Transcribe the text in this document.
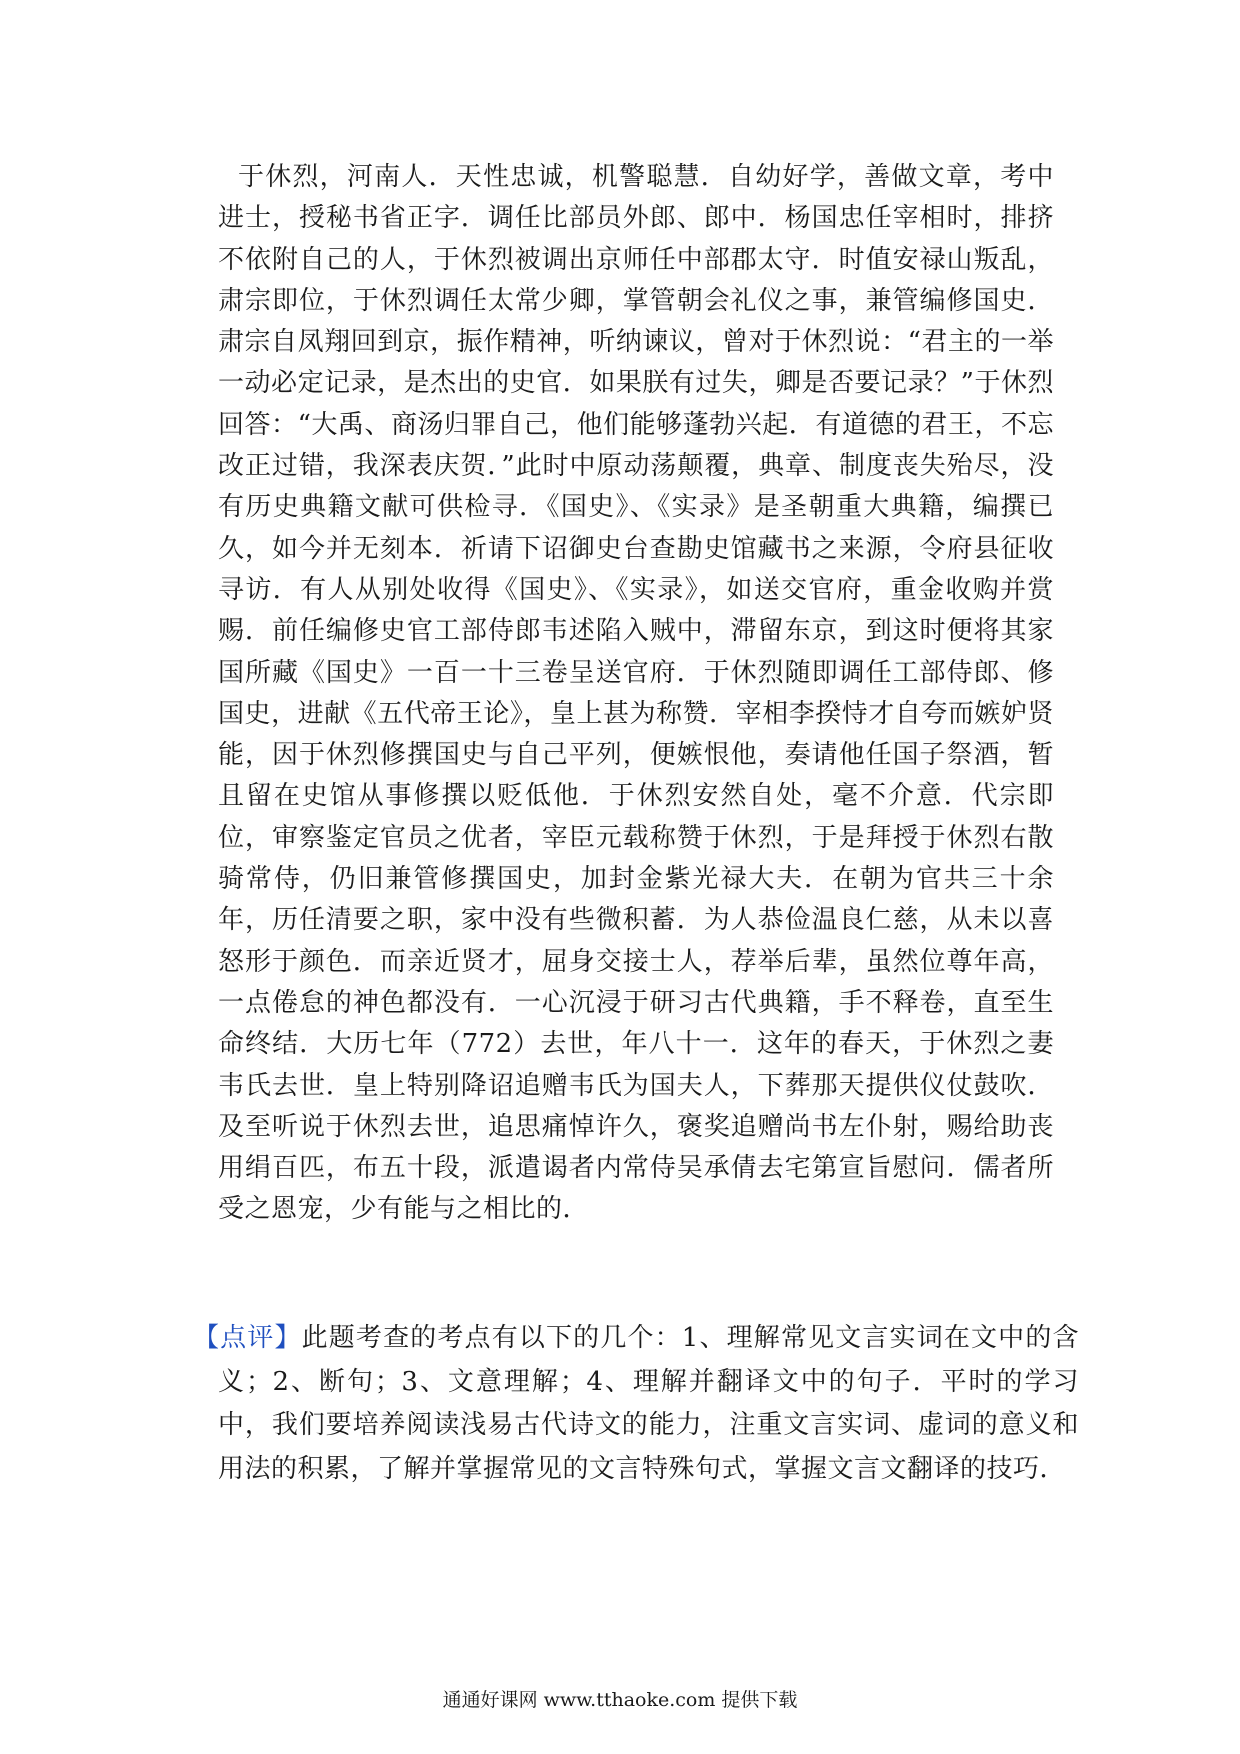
于休烈，河南人．天性忠诚，机警聪慧．自幼好学，善做文章，考中进士，授秘书省正字．调任比部员外郎、郎中．杨国忠任宰相时，排挤不依附自己的人，于休烈被调出京师任中部郡太守．时值安禄山叛乱，肃宗即位，于休烈调任太常少卿，掌管朝会礼仪之事，兼管编修国史．肃宗自凤翔回到京，振作精神，听纳谏议，曾对于休烈说：“君主的一举一动必定记录，是杰出的史官．如果朕有过失，卿是否要记录？”于休烈回答：“大禹、商汤归罪自己，他们能够蓬勃兴起．有道德的君王，不忘改正过错，我深表庆贺．”此时中原动荡颠覆，典章、制度丧失殆尽，没有历史典籍文献可供检寻．《国史》、《实录》是圣朝重大典籍，编撰已久，如今并无刻本．祈请下诏御史台查勘史馆藏书之来源，令府县征收寻访．有人从别处收得《国史》、《实录》，如送交官府，重金收购并赏赐．前任编修史官工部侍郎韦述陷入贼中，滞留东京，到这时便将其家国所藏《国史》一百一十三卷呈送官府．于休烈随即调任工部侍郎、修国史，进献《五代帝王论》，皇上甚为称赞．宰相李揆恃才自夸而嫉妒贤能，因于休烈修撰国史与自己平列，便嫉恨他，奏请他任国子祭酒，暂且留在史馆从事修撰以贬低他．于休烈安然自处，毫不介意．代宗即位，审察鉴定官员之优者，宰臣元载称赞于休烈，于是拜授于休烈右散骑常侍，仍旧兼管修撰国史，加封金紫光禄大夫．在朝为官共三十余年，历任清要之职，家中没有些微积蓄．为人恭俭温良仁慈，从未以喜怒形于颜色．而亲近贤才，屈身交接士人，荐举后辈，虽然位尊年高，一点倦怠的神色都没有．一心沉浸于研习古代典籍，手不释卷，直至生命终结．大历七年（772）去世，年八十一．这年的春天，于休烈之妻韦氏去世．皇上特别降诏追赠韦氏为国夫人，下葬那天提供仪仗鼓吹．及至听说于休烈去世，追思痛悼许久，褒奖追赠尚书左仆射，赐给助丧用绢百匹，布五十段，派遣谒者内常侍吴承倩去宅第宣旨慰问．儒者所受之恩宠，少有能与之相比的．

【点评】此题考查的考点有以下的几个：1、理解常见文言实词在文中的含义；2、断句；3、文意理解；4、理解并翻译文中的句子．平时的学习中，我们要培养阅读浅易古代诗文的能力，注重文言实词、虚词的意义和用法的积累，了解并掌握常见的文言特殊句式，掌握文言文翻译的技巧．

通通好课网 www.tthaoke.com 提供下载
